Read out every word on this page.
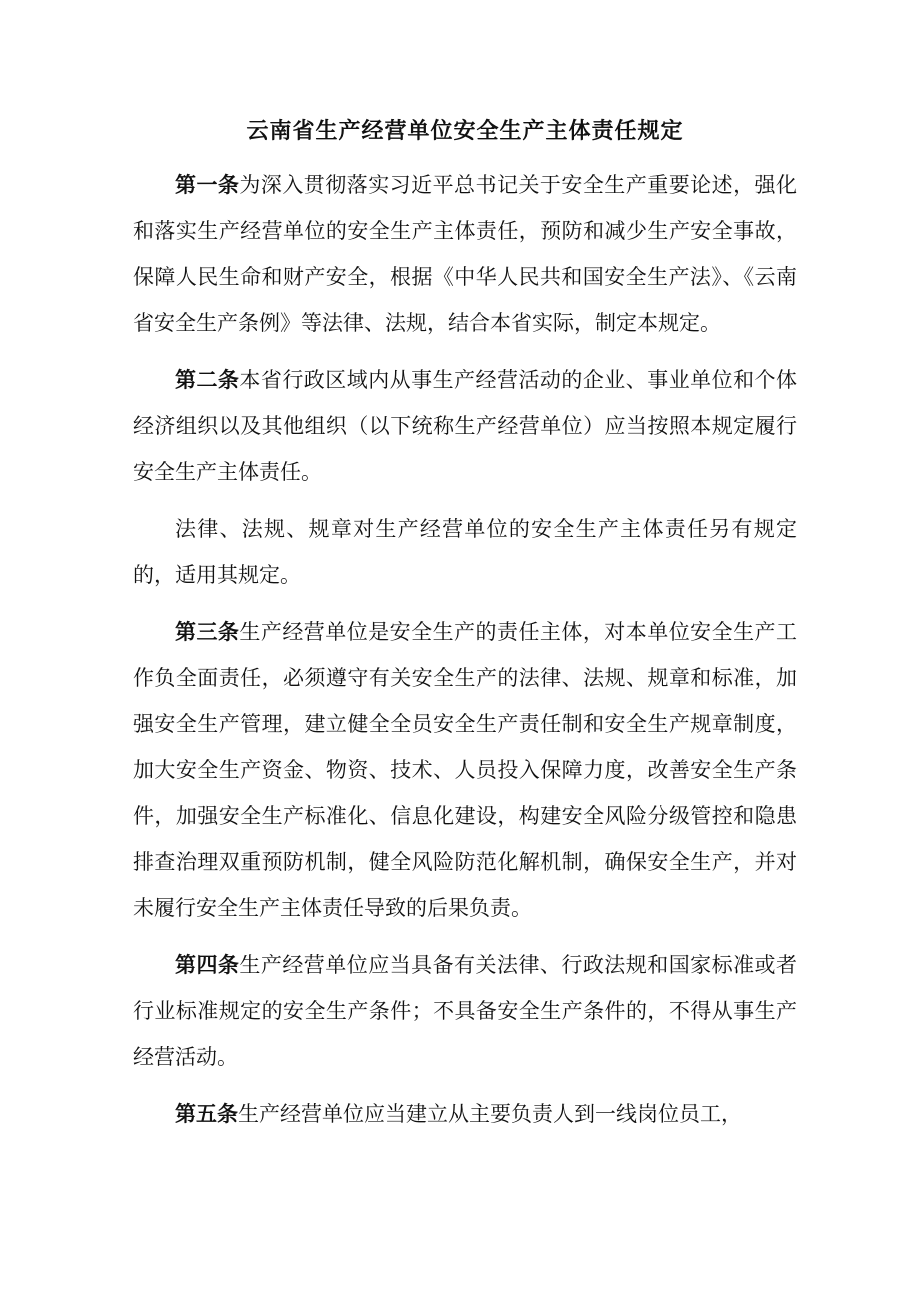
云南省生产经营单位安全生产主体责任规定

第一条为深入贯彻落实习近平总书记关于安全生产重要论述，强化和落实生产经营单位的安全生产主体责任，预防和减少生产安全事故，保障人民生命和财产安全，根据《中华人民共和国安全生产法》、《云南省安全生产条例》等法律、法规，结合本省实际，制定本规定。

第二条本省行政区域内从事生产经营活动的企业、事业单位和个体经济组织以及其他组织（以下统称生产经营单位）应当按照本规定履行安全生产主体责任。

法律、法规、规章对生产经营单位的安全生产主体责任另有规定的，适用其规定。

第三条生产经营单位是安全生产的责任主体，对本单位安全生产工作负全面责任，必须遵守有关安全生产的法律、法规、规章和标准，加强安全生产管理，建立健全全员安全生产责任制和安全生产规章制度，加大安全生产资金、物资、技术、人员投入保障力度，改善安全生产条件，加强安全生产标准化、信息化建设，构建安全风险分级管控和隐患排查治理双重预防机制，健全风险防范化解机制，确保安全生产，并对未履行安全生产主体责任导致的后果负责。

第四条生产经营单位应当具备有关法律、行政法规和国家标准或者行业标准规定的安全生产条件；不具备安全生产条件的，不得从事生产经营活动。

第五条生产经营单位应当建立从主要负责人到一线岗位员工，
